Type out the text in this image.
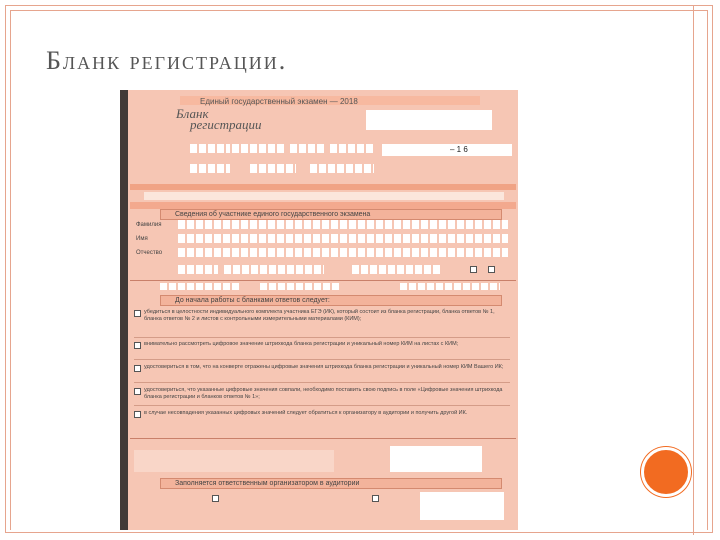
Бланк регистрации.
Единый государственный экзамен — 2018
Бланк
регистрации
– 1 6
Сведения об участнике единого государственного экзамена
Фамилия
Имя
Отчество
До начала работы с бланками ответов следует:
убедиться в целостности индивидуального комплекта участника ЕГЭ (ИК), который состоит из бланка регистрации, бланка ответов № 1, бланка ответов № 2 и листов с контрольными измерительными материалами (КИМ);
внимательно рассмотреть цифровое значение штрихкода бланка регистрации и уникальный номер КИМ на листах с КИМ;
удостовериться в том, что на конверте отражены цифровые значения штрихкода бланка регистрации и уникальный номер КИМ Вашего ИК;
удостовериться, что указанные цифровые значения совпали, необходимо поставить свою подпись в поле «Цифровые значения штрихкода бланка регистрации и бланков ответов № 1»;
в случае несовпадения указанных цифровых значений следует обратиться к организатору в аудитории и получить другой ИК.
Заполняется ответственным организатором в аудитории
